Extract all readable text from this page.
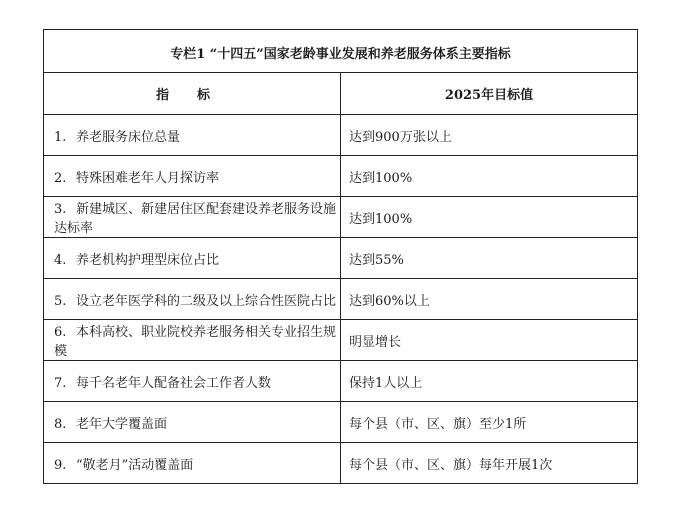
专栏1 “十四五”国家老龄事业发展和养老服务体系主要指标	
指标	2025年目标值
1. 养老服务床位总量	达到900万张以上
2. 特殊困难老年人月探访率	达到100%
3. 新建城区、新建居住区配套建设养老服务设施达标率	达到100%
4. 养老机构护理型床位占比	达到55%
5. 设立老年医学科的二级及以上综合性医院占比	达到60%以上
6. 本科高校、职业院校养老服务相关专业招生规模	明显增长
7. 每千名老年人配备社会工作者人数	保持1人以上
8. 老年大学覆盖面	每个县（市、区、旗）至少1所
9. “敬老月”活动覆盖面	每个县（市、区、旗）每年开展1次
